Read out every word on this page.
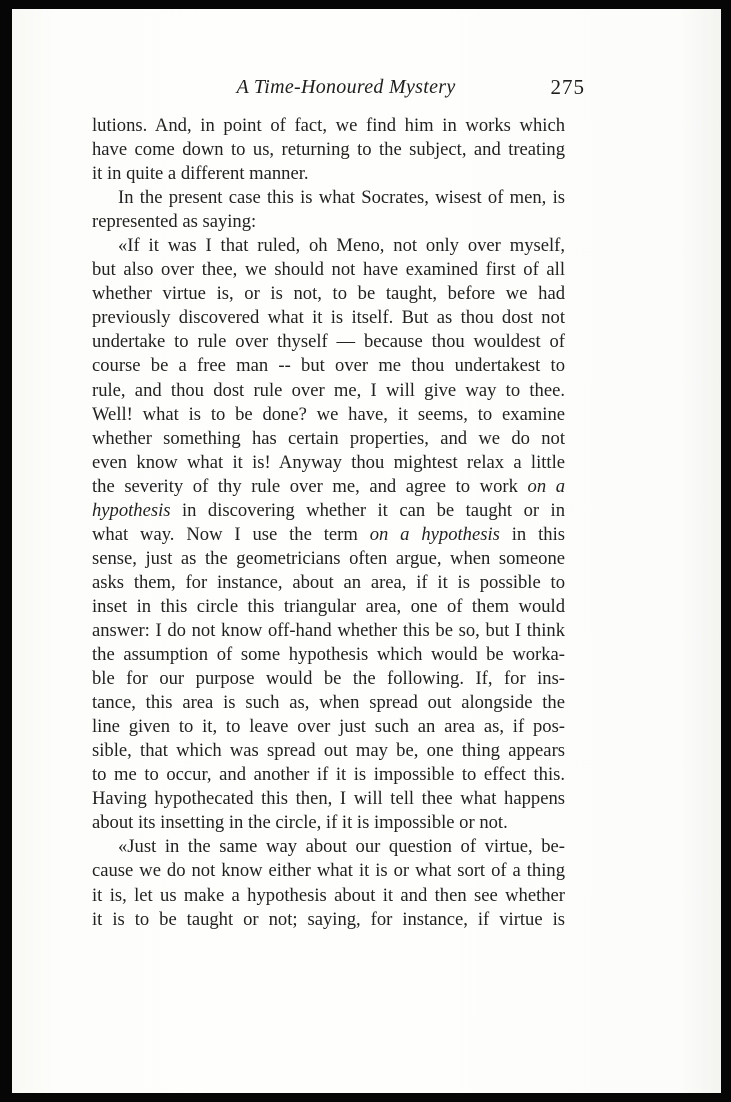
A Time-Honoured Mystery	275
lutions. And, in point of fact, we find him in works which
have come down to us, returning to the subject, and treating
it in quite a different manner.
In the present case this is what Socrates, wisest of men, is
represented as saying:
«If it was I that ruled, oh Meno, not only over myself,
but also over thee, we should not have examined first of all
whether virtue is, or is not, to be taught, before we had
previously discovered what it is itself. But as thou dost not
undertake to rule over thyself — because thou wouldest of
course be a free man -- but over me thou undertakest to
rule, and thou dost rule over me, I will give way to thee.
Well! what is to be done? we have, it seems, to examine
whether something has certain properties, and we do not
even know what it is! Anyway thou mightest relax a little
the severity of thy rule over me, and agree to work on a
hypothesis in discovering whether it can be taught or in
what way. Now I use the term on a hypothesis in this
sense, just as the geometricians often argue, when someone
asks them, for instance, about an area, if it is possible to
inset in this circle this triangular area, one of them would
answer: I do not know off-hand whether this be so, but I think
the assumption of some hypothesis which would be worka-
ble for our purpose would be the following. If, for ins-
tance, this area is such as, when spread out alongside the
line given to it, to leave over just such an area as, if pos-
sible, that which was spread out may be, one thing appears
to me to occur, and another if it is impossible to effect this.
Having hypothecated this then, I will tell thee what happens
about its insetting in the circle, if it is impossible or not.
«Just in the same way about our question of virtue, be-
cause we do not know either what it is or what sort of a thing
it is, let us make a hypothesis about it and then see whether
it is to be taught or not; saying, for instance, if virtue is
